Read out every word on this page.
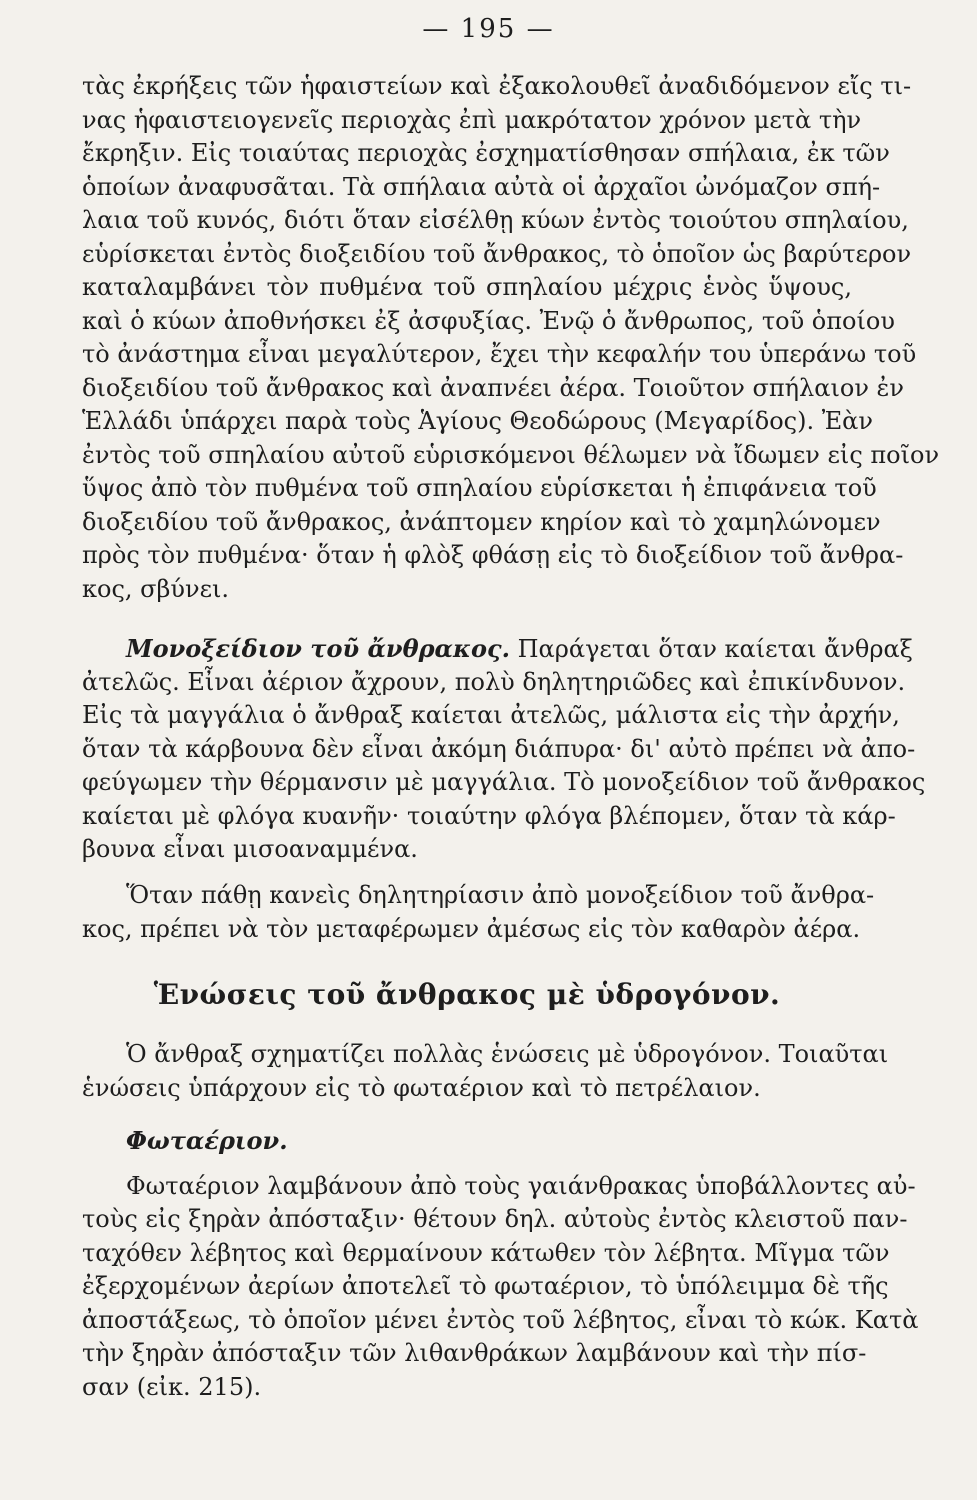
— 195 —
τὰς ἐκρήξεις τῶν ἡφαιστείων καὶ ἐξακολουθεῖ ἀναδιδόμενον εἴς τι-
νας ἡφαιστειογενεῖς περιοχὰς ἐπὶ μακρότατον χρόνον μετὰ τὴν
ἔκρηξιν. Εἰς τοιαύτας περιοχὰς ἐσχηματίσθησαν σπήλαια, ἐκ τῶν
ὁποίων ἀναφυσᾶται. Τὰ σπήλαια αὐτὰ οἱ ἀρχαῖοι ὠνόμαζον σπή-
λαια τοῦ κυνός, διότι ὅταν εἰσέλθῃ κύων ἐντὸς τοιούτου σπηλαίου,
εὑρίσκεται ἐντὸς διοξειδίου τοῦ ἄνθρακος, τὸ ὁποῖον ὡς βαρύτερον
καταλαμβάνει τὸν πυθμένα τοῦ σπηλαίου μέχρις ἑνὸς ὕψους,
καὶ ὁ κύων ἀποθνήσκει ἐξ ἀσφυξίας. Ἐνῷ ὁ ἄνθρωπος, τοῦ ὁποίου
τὸ ἀνάστημα εἶναι μεγαλύτερον, ἔχει τὴν κεφαλήν του ὑπεράνω τοῦ
διοξειδίου τοῦ ἄνθρακος καὶ ἀναπνέει ἀέρα. Τοιοῦτον σπήλαιον ἐν
Ἑλλάδι ὑπάρχει παρὰ τοὺς Ἁγίους Θεοδώρους (Μεγαρίδος). Ἐὰν
ἐντὸς τοῦ σπηλαίου αὐτοῦ εὑρισκόμενοι θέλωμεν νὰ ἴδωμεν εἰς ποῖον
ὕψος ἀπὸ τὸν πυθμένα τοῦ σπηλαίου εὑρίσκεται ἡ ἐπιφάνεια τοῦ
διοξειδίου τοῦ ἄνθρακος, ἀνάπτομεν κηρίον καὶ τὸ χαμηλώνομεν
πρὸς τὸν πυθμένα· ὅταν ἡ φλὸξ φθάσῃ εἰς τὸ διοξείδιον τοῦ ἄνθρα-
κος, σβύνει.
Μονοξείδιον τοῦ ἄνθρακος. Παράγεται ὅταν καίεται ἄνθραξ
ἀτελῶς. Εἶναι ἀέριον ἄχρουν, πολὺ δηλητηριῶδες καὶ ἐπικίνδυνον.
Εἰς τὰ μαγγάλια ὁ ἄνθραξ καίεται ἀτελῶς, μάλιστα εἰς τὴν ἀρχήν,
ὅταν τὰ κάρβουνα δὲν εἶναι ἀκόμη διάπυρα· δι' αὐτὸ πρέπει νὰ ἀπο-
φεύγωμεν τὴν θέρμανσιν μὲ μαγγάλια. Τὸ μονοξείδιον τοῦ ἄνθρακος
καίεται μὲ φλόγα κυανῆν· τοιαύτην φλόγα βλέπομεν, ὅταν τὰ κάρ-
βουνα εἶναι μισοαναμμένα.
Ὅταν πάθῃ κανεὶς δηλητηρίασιν ἀπὸ μονοξείδιον τοῦ ἄνθρα-
κος, πρέπει νὰ τὸν μεταφέρωμεν ἀμέσως εἰς τὸν καθαρὸν ἀέρα.
Ἑνώσεις τοῦ ἄνθρακος μὲ ὑδρογόνον.
Ὁ ἄνθραξ σχηματίζει πολλὰς ἑνώσεις μὲ ὑδρογόνον. Τοιαῦται
ἑνώσεις ὑπάρχουν εἰς τὸ φωταέριον καὶ τὸ πετρέλαιον.
Φωταέριον.
Φωταέριον λαμβάνουν ἀπὸ τοὺς γαιάνθρακας ὑποβάλλοντες αὐ-
τοὺς εἰς ξηρὰν ἀπόσταξιν· θέτουν δηλ. αὐτοὺς ἐντὸς κλειστοῦ παν-
ταχόθεν λέβητος καὶ θερμαίνουν κάτωθεν τὸν λέβητα. Μῖγμα τῶν
ἐξερχομένων ἀερίων ἀποτελεῖ τὸ φωταέριον, τὸ ὑπόλειμμα δὲ τῆς
ἀποστάξεως, τὸ ὁποῖον μένει ἐντὸς τοῦ λέβητος, εἶναι τὸ κώκ. Κατὰ
τὴν ξηρὰν ἀπόσταξιν τῶν λιθανθράκων λαμβάνουν καὶ τὴν πίσ-
σαν (εἰκ. 215).
